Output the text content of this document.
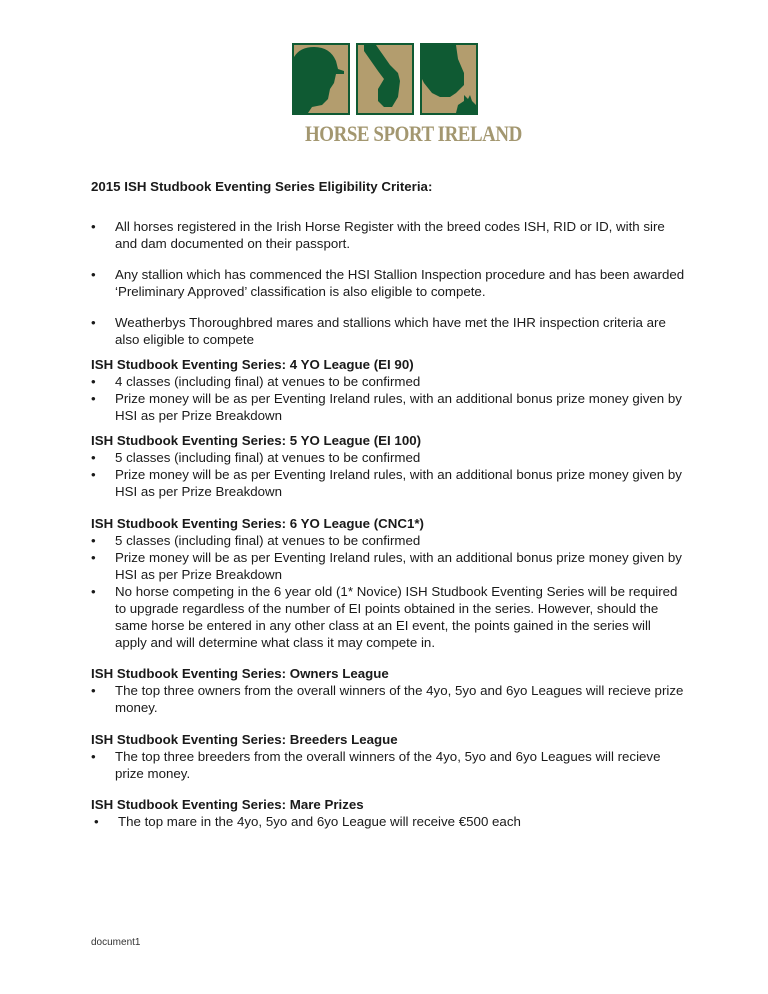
HORSE SPORT IRELAND
2015 ISH Studbook Eventing Series Eligibility Criteria:
•	All horses registered in the Irish Horse Register with the breed codes ISH, RID or ID, with sire and dam documented on their passport.
•	Any stallion which has commenced the HSI Stallion Inspection procedure and has been awarded ‘Preliminary Approved’ classification is also eligible to compete.
•	Weatherbys Thoroughbred mares and stallions which have met the IHR inspection criteria are also eligible to compete
ISH Studbook Eventing Series: 4 YO League (EI 90)
•	4 classes (including final) at venues to be confirmed
•	Prize money will be as per Eventing Ireland rules, with an additional bonus prize money given by HSI as per Prize Breakdown
ISH Studbook Eventing Series: 5 YO League (EI 100)
•	5 classes (including final) at venues to be confirmed
•	Prize money will be as per Eventing Ireland rules, with an additional bonus prize money given by HSI as per Prize Breakdown
ISH Studbook Eventing Series: 6 YO League (CNC1*)
•	5 classes (including final) at venues to be confirmed
•	Prize money will be as per Eventing Ireland rules, with an additional bonus prize money given by HSI as per Prize Breakdown
•	No horse competing in the 6 year old (1* Novice) ISH Studbook Eventing Series will be required to upgrade regardless of the number of EI points obtained in the series. However, should the same horse be entered in any other class at an EI event, the points gained in the series will apply and will determine what class it may compete in.
ISH Studbook Eventing Series: Owners League
•	The top three owners from the overall winners of the 4yo, 5yo and 6yo Leagues will recieve prize money.
ISH Studbook Eventing Series: Breeders League
•	The top three breeders from the overall winners of the 4yo, 5yo and 6yo Leagues will recieve prize money.
ISH Studbook Eventing Series: Mare Prizes
•	The top mare in the 4yo, 5yo and 6yo League will receive €500 each
document1
